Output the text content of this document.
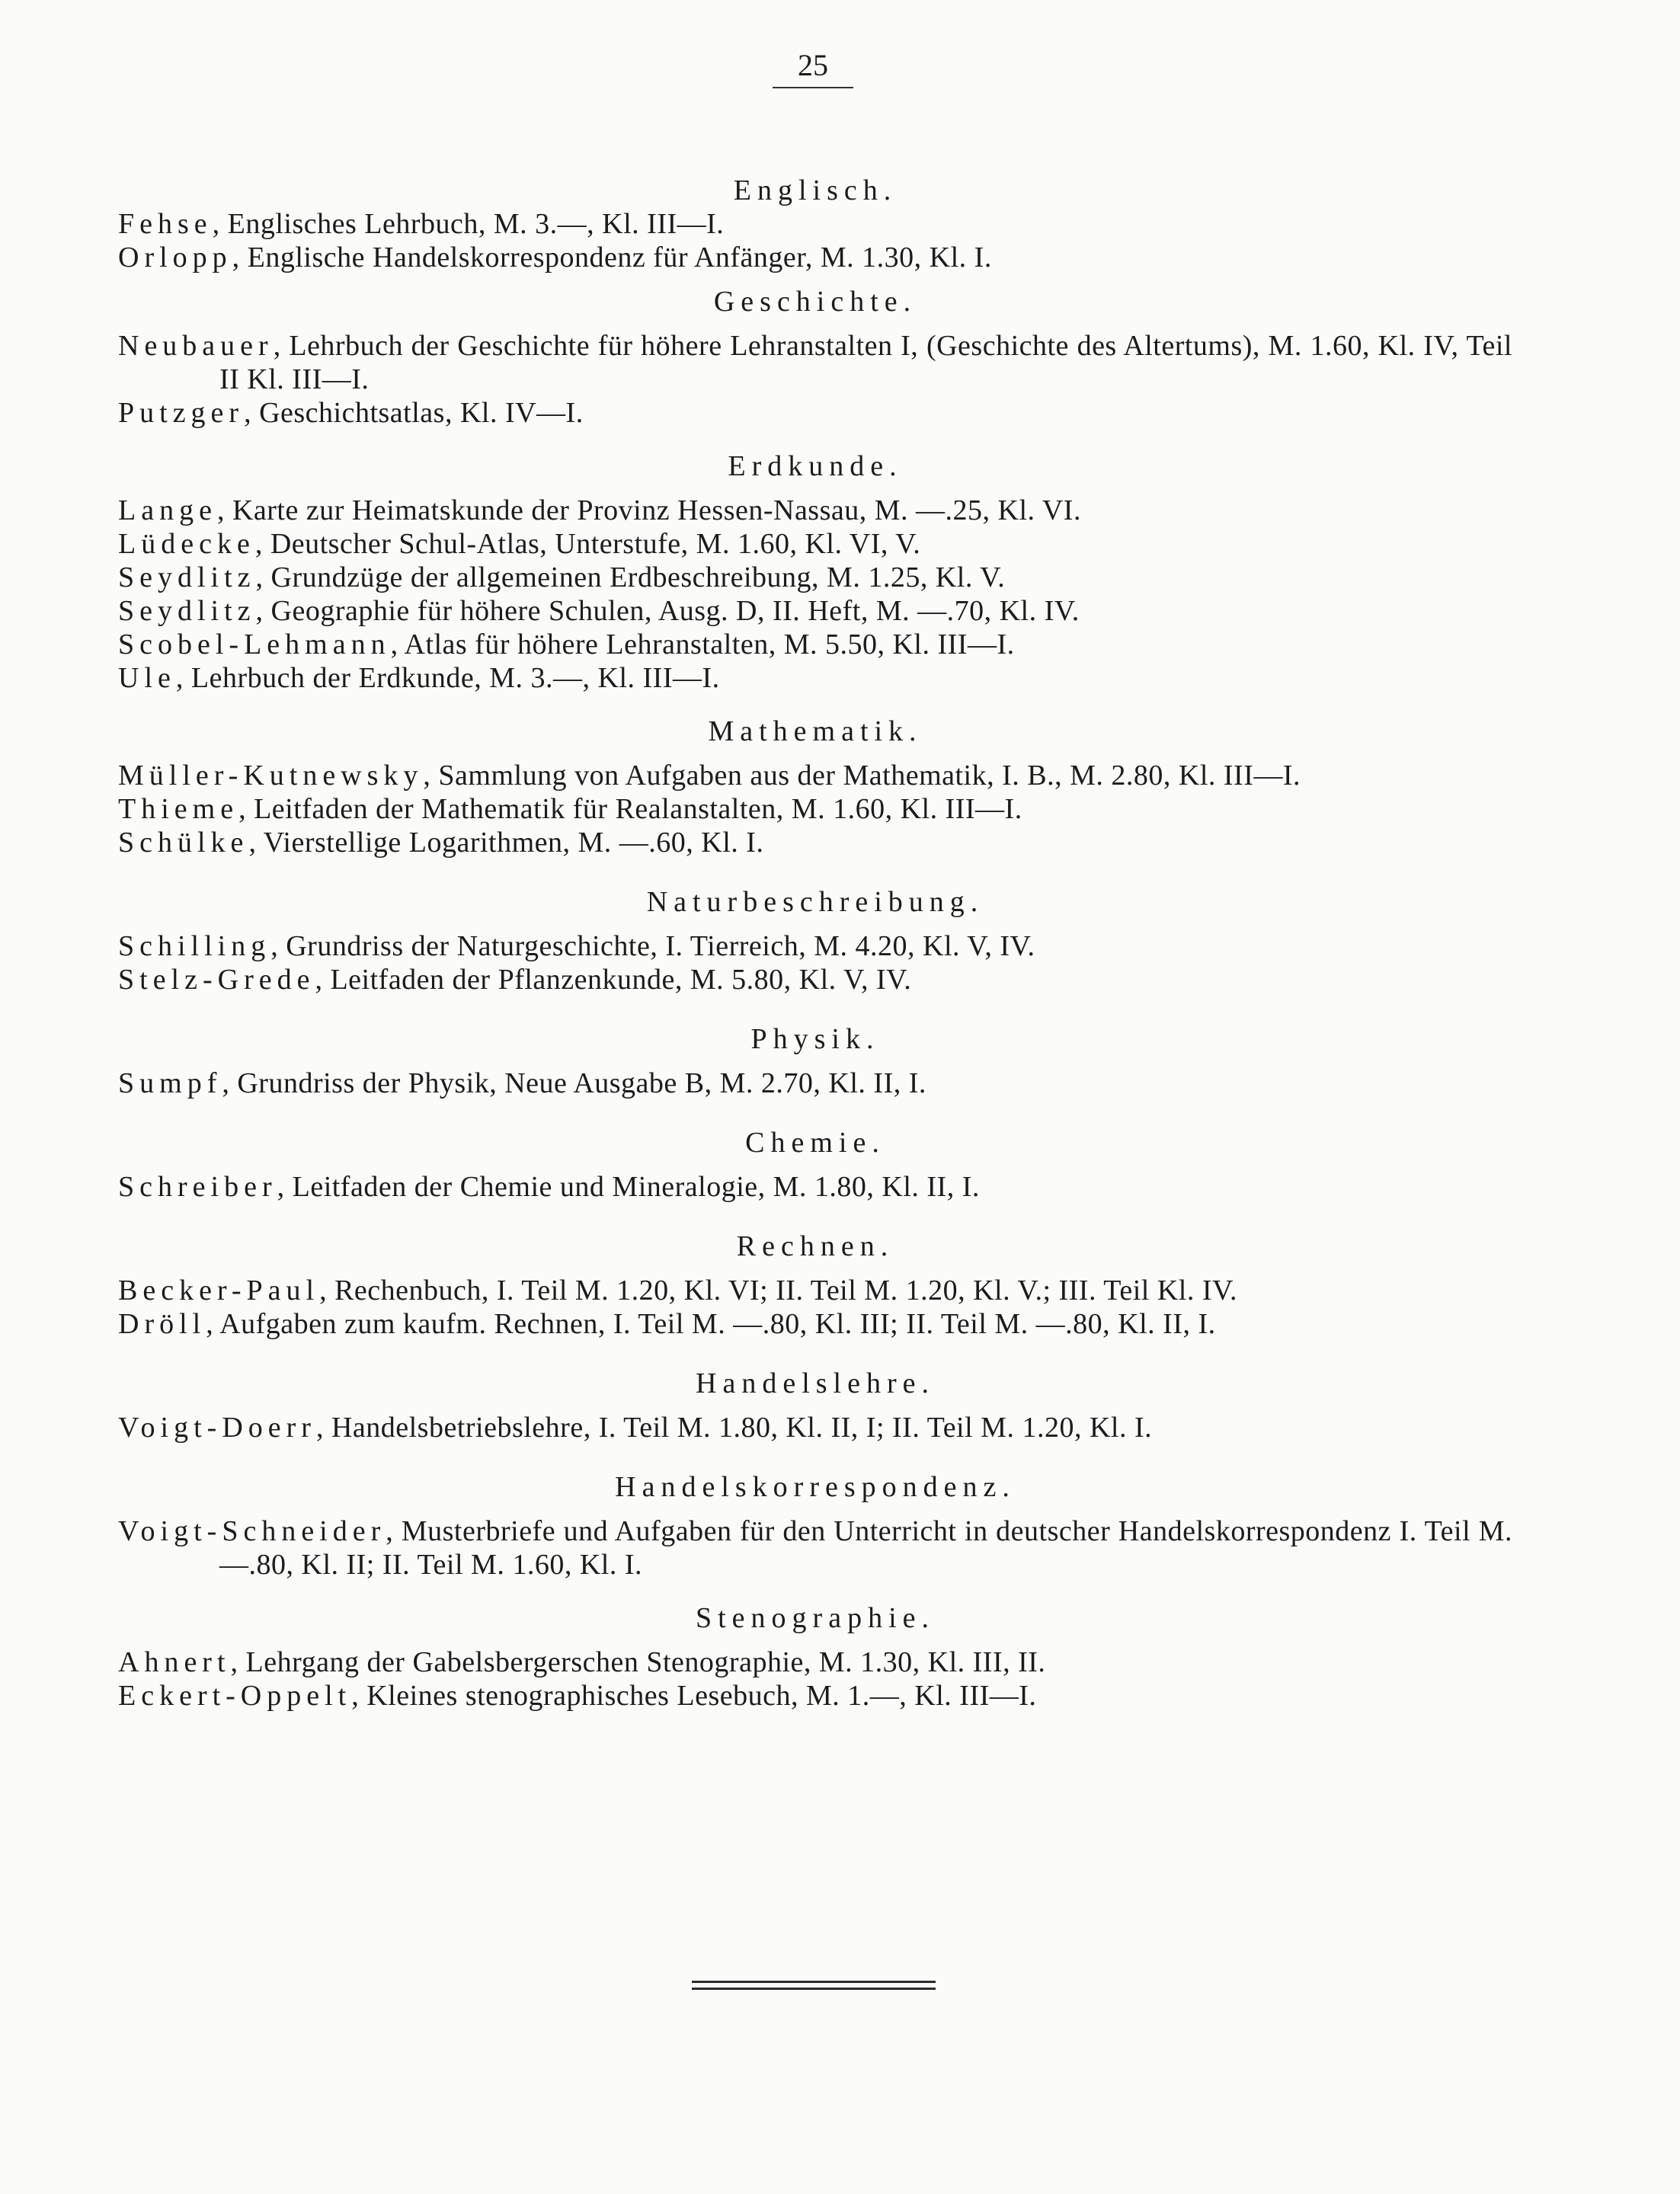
25
Englisch.
Fehse, Englisches Lehrbuch, M. 3.—, Kl. III—I.
Orlopp, Englische Handelskorrespondenz für Anfänger, M. 1.30, Kl. I.
Geschichte.
Neubauer, Lehrbuch der Geschichte für höhere Lehranstalten I, (Geschichte des Altertums), M. 1.60, Kl. IV, Teil II Kl. III—I.
Putzger, Geschichtsatlas, Kl. IV—I.
Erdkunde.
Lange, Karte zur Heimatskunde der Provinz Hessen-Nassau, M. —.25, Kl. VI.
Lüdecke, Deutscher Schul-Atlas, Unterstufe, M. 1.60, Kl. VI, V.
Seydlitz, Grundzüge der allgemeinen Erdbeschreibung, M. 1.25, Kl. V.
Seydlitz, Geographie für höhere Schulen, Ausg. D, II. Heft, M. —.70, Kl. IV.
Scobel-Lehmann, Atlas für höhere Lehranstalten, M. 5.50, Kl. III—I.
Ule, Lehrbuch der Erdkunde, M. 3.—, Kl. III—I.
Mathematik.
Müller-Kutnewsky, Sammlung von Aufgaben aus der Mathematik, I. B., M. 2.80, Kl. III—I.
Thieme, Leitfaden der Mathematik für Realanstalten, M. 1.60, Kl. III—I.
Schülke, Vierstellige Logarithmen, M. —.60, Kl. I.
Naturbeschreibung.
Schilling, Grundriss der Naturgeschichte, I. Tierreich, M. 4.20, Kl. V, IV.
Stelz-Grede, Leitfaden der Pflanzenkunde, M. 5.80, Kl. V, IV.
Physik.
Sumpf, Grundriss der Physik, Neue Ausgabe B, M. 2.70, Kl. II, I.
Chemie.
Schreiber, Leitfaden der Chemie und Mineralogie, M. 1.80, Kl. II, I.
Rechnen.
Becker-Paul, Rechenbuch, I. Teil M. 1.20, Kl. VI; II. Teil M. 1.20, Kl. V.; III. Teil Kl. IV.
Dröll, Aufgaben zum kaufm. Rechnen, I. Teil M. —.80, Kl. III; II. Teil M. —.80, Kl. II, I.
Handelslehre.
Voigt-Doerr, Handelsbetriebslehre, I. Teil M. 1.80, Kl. II, I; II. Teil M. 1.20, Kl. I.
Handelskorrespondenz.
Voigt-Schneider, Musterbriefe und Aufgaben für den Unterricht in deutscher Handelskorrespondenz I. Teil M. —.80, Kl. II; II. Teil M. 1.60, Kl. I.
Stenographie.
Ahnert, Lehrgang der Gabelsbergerschen Stenographie, M. 1.30, Kl. III, II.
Eckert-Oppelt, Kleines stenographisches Lesebuch, M. 1.—, Kl. III—I.
